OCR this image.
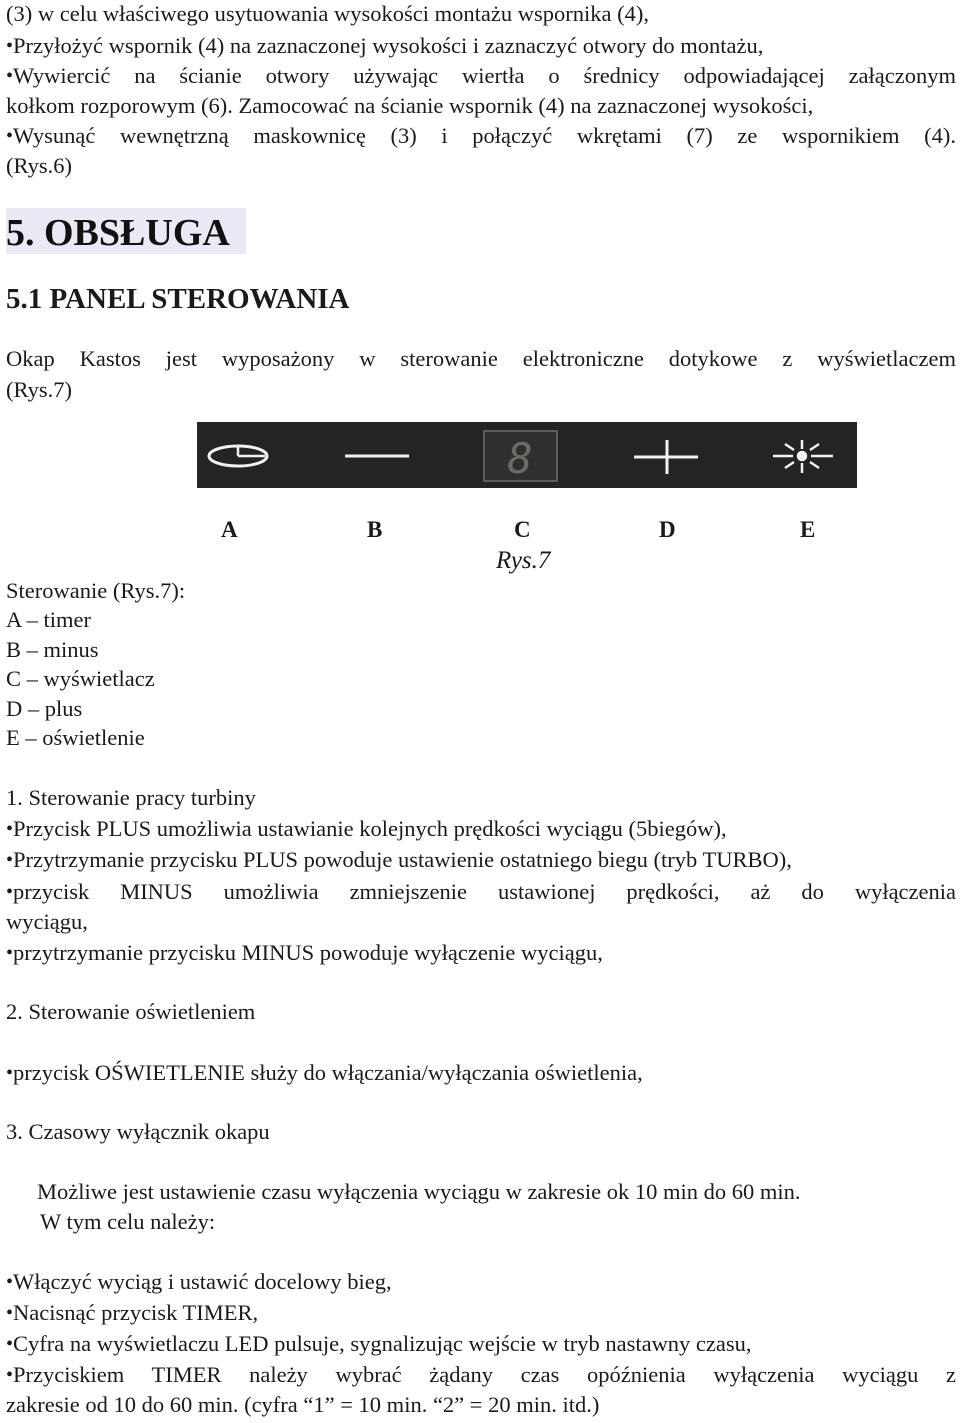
(3) w celu właściwego usytuowania wysokości montażu wspornika (4),
•Przyłożyć wspornik (4) na zaznaczonej wysokości i zaznaczyć otwory do montażu,
•Wywiercić na ścianie otwory używając wiertła o średnicy odpowiadającej załączonym
kołkom rozporowym (6). Zamocować na ścianie wspornik (4) na zaznaczonej wysokości,
•Wysunąć wewnętrzną maskownicę (3) i połączyć wkrętami (7) ze wspornikiem (4).
(Rys.6)
5. OBSŁUGA
5.1 PANEL STEROWANIA
Okap Kastos jest wyposażony w sterowanie elektroniczne dotykowe z wyświetlaczem
(Rys.7)
8
A	B	C	D	E
Rys.7
Sterowanie (Rys.7):
A – timer
B – minus
C – wyświetlacz
D – plus
E – oświetlenie
1. Sterowanie pracy turbiny
•Przycisk PLUS umożliwia ustawianie kolejnych prędkości wyciągu (5biegów),
•Przytrzymanie przycisku PLUS powoduje ustawienie ostatniego biegu (tryb TURBO),
•przycisk MINUS umożliwia zmniejszenie ustawionej prędkości, aż do wyłączenia
wyciągu,
•przytrzymanie przycisku MINUS powoduje wyłączenie wyciągu,
2. Sterowanie oświetleniem
•przycisk OŚWIETLENIE służy do włączania/wyłączania oświetlenia,
3. Czasowy wyłącznik okapu
Możliwe jest ustawienie czasu wyłączenia wyciągu w zakresie ok 10 min do 60 min.
W tym celu należy:
•Włączyć wyciąg i ustawić docelowy bieg,
•Nacisnąć przycisk TIMER,
•Cyfra na wyświetlaczu LED pulsuje, sygnalizując wejście w tryb nastawny czasu,
•Przyciskiem TIMER należy wybrać żądany czas opóźnienia wyłączenia wyciągu z
zakresie od 10 do 60 min. (cyfra “1” = 10 min. “2” = 20 min. itd.)
